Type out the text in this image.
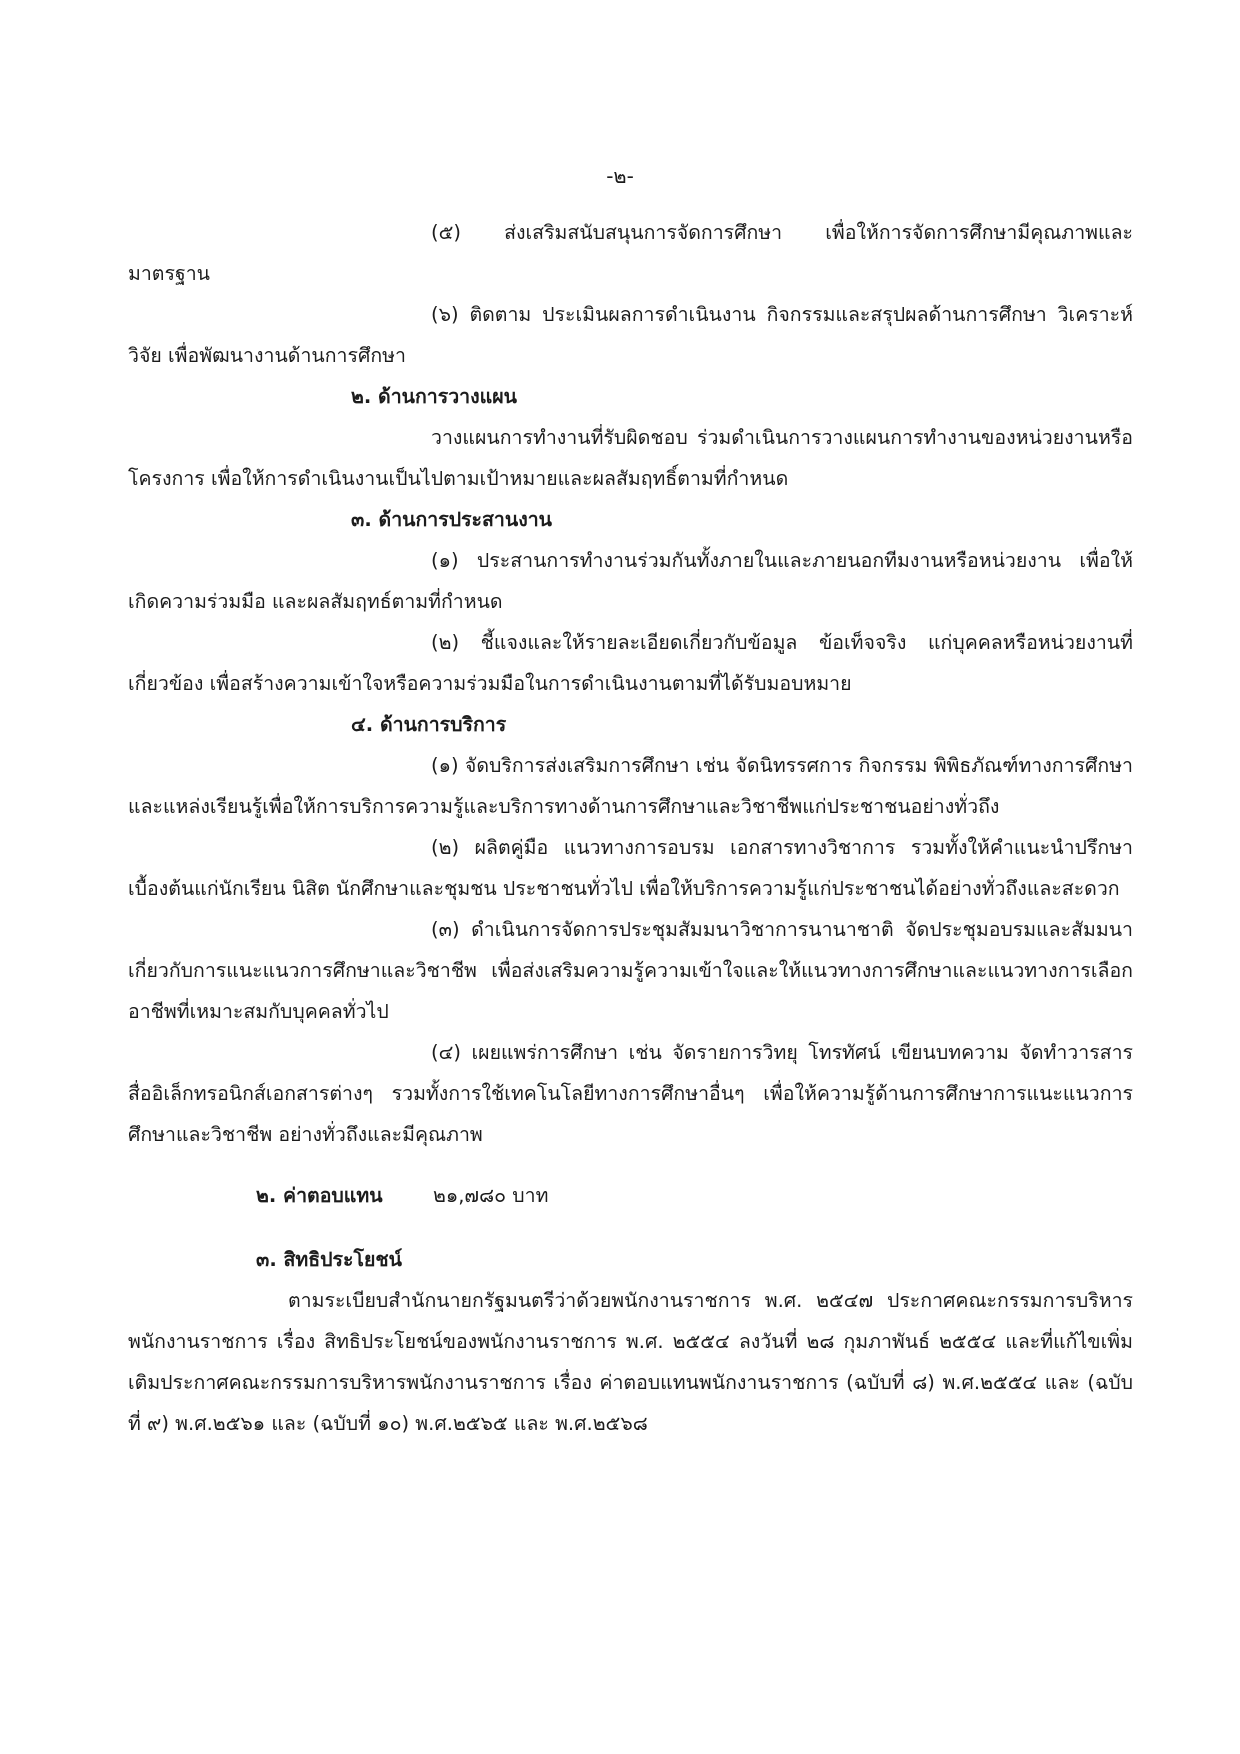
-๒-

(๕) ส่งเสริมสนับสนุนการจัดการศึกษา เพื่อให้การจัดการศึกษามีคุณภาพและ

มาตรฐาน

(๖) ติดตาม ประเมินผลการดำเนินงาน กิจกรรมและสรุปผลด้านการศึกษา วิเคราะห์ วิจัย เพื่อพัฒนางานด้านการศึกษา

๒. ด้านการวางแผน

วางแผนการทำงานที่รับผิดชอบ ร่วมดำเนินการวางแผนการทำงานของหน่วยงานหรือโครงการ เพื่อให้การดำเนินงานเป็นไปตามเป้าหมายและผลสัมฤทธิ์ตามที่กำหนด

๓. ด้านการประสานงาน

(๑) ประสานการทำงานร่วมกันทั้งภายในและภายนอกทีมงานหรือหน่วยงาน เพื่อให้เกิดความร่วมมือ และผลสัมฤทธ์ตามที่กำหนด

(๒) ชี้แจงและให้รายละเอียดเกี่ยวกับข้อมูล ข้อเท็จจริง แก่บุคคลหรือหน่วยงานที่เกี่ยวข้อง เพื่อสร้างความเข้าใจหรือความร่วมมือในการดำเนินงานตามที่ได้รับมอบหมาย

๔. ด้านการบริการ

(๑) จัดบริการส่งเสริมการศึกษา เช่น จัดนิทรรศการ กิจกรรม พิพิธภัณฑ์ทางการศึกษาและแหล่งเรียนรู้เพื่อให้การบริการความรู้และบริการทางด้านการศึกษาและวิชาชีพแก่ประชาชนอย่างทั่วถึง

(๒) ผลิตคู่มือ แนวทางการอบรม เอกสารทางวิชาการ รวมทั้งให้คำแนะนำปรึกษาเบื้องต้นแก่นักเรียน นิสิต นักศึกษาและชุมชน ประชาชนทั่วไป เพื่อให้บริการความรู้แก่ประชาชนได้อย่างทั่วถึงและสะดวก

(๓) ดำเนินการจัดการประชุมสัมมนาวิชาการนานาชาติ จัดประชุมอบรมและสัมมนาเกี่ยวกับการแนะแนวการศึกษาและวิชาชีพ เพื่อส่งเสริมความรู้ความเข้าใจและให้แนวทางการศึกษาและแนวทางการเลือกอาชีพที่เหมาะสมกับบุคคลทั่วไป

(๔) เผยแพร่การศึกษา เช่น จัดรายการวิทยุ โทรทัศน์ เขียนบทความ จัดทำวารสาร สื่ออิเล็กทรอนิกส์เอกสารต่างๆ รวมทั้งการใช้เทคโนโลยีทางการศึกษาอื่นๆ เพื่อให้ความรู้ด้านการศึกษาการแนะแนวการศึกษาและวิชาชีพ อย่างทั่วถึงและมีคุณภาพ

๒. ค่าตอบแทน	๒๑,๗๘๐ บาท

๓. สิทธิประโยชน์

ตามระเบียบสำนักนายกรัฐมนตรีว่าด้วยพนักงานราชการ พ.ศ. ๒๕๔๗ ประกาศคณะกรรมการบริหารพนักงานราชการ เรื่อง สิทธิประโยชน์ของพนักงานราชการ พ.ศ. ๒๕๕๔ ลงวันที่ ๒๘ กุมภาพันธ์ ๒๕๕๔ และที่แก้ไขเพิ่มเติมประกาศคณะกรรมการบริหารพนักงานราชการ เรื่อง ค่าตอบแทนพนักงานราชการ (ฉบับที่ ๘) พ.ศ.๒๕๕๔ และ (ฉบับที่ ๙) พ.ศ.๒๕๖๑ และ (ฉบับที่ ๑๐) พ.ศ.๒๕๖๕ และ พ.ศ.๒๕๖๘
